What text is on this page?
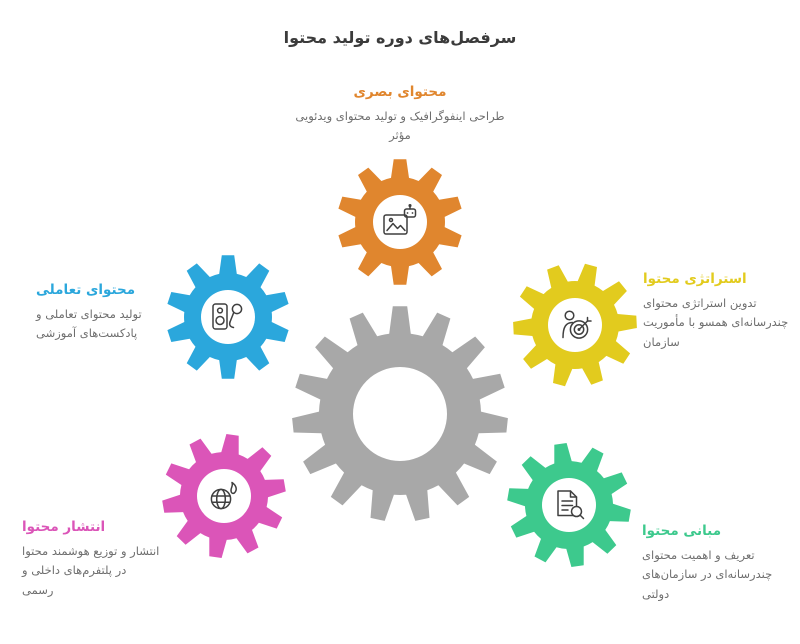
سرفصل‌های دوره تولید محتوا
محتوای بصری
طراحی اینفوگرافیک و تولید محتوای ویدئویی مؤثر
استراتژی محتوا
تدوین استراتژی محتوای چندرسانه‌ای همسو با مأموریت سازمان
محتوای تعاملی
تولید محتوای تعاملی و پادکست‌های آموزشی
انتشار محتوا
انتشار و توزیع هوشمند محتوا در پلتفرم‌های داخلی و رسمی
مبانی محتوا
تعریف و اهمیت محتوای چندرسانه‌ای در سازمان‌های دولتی
